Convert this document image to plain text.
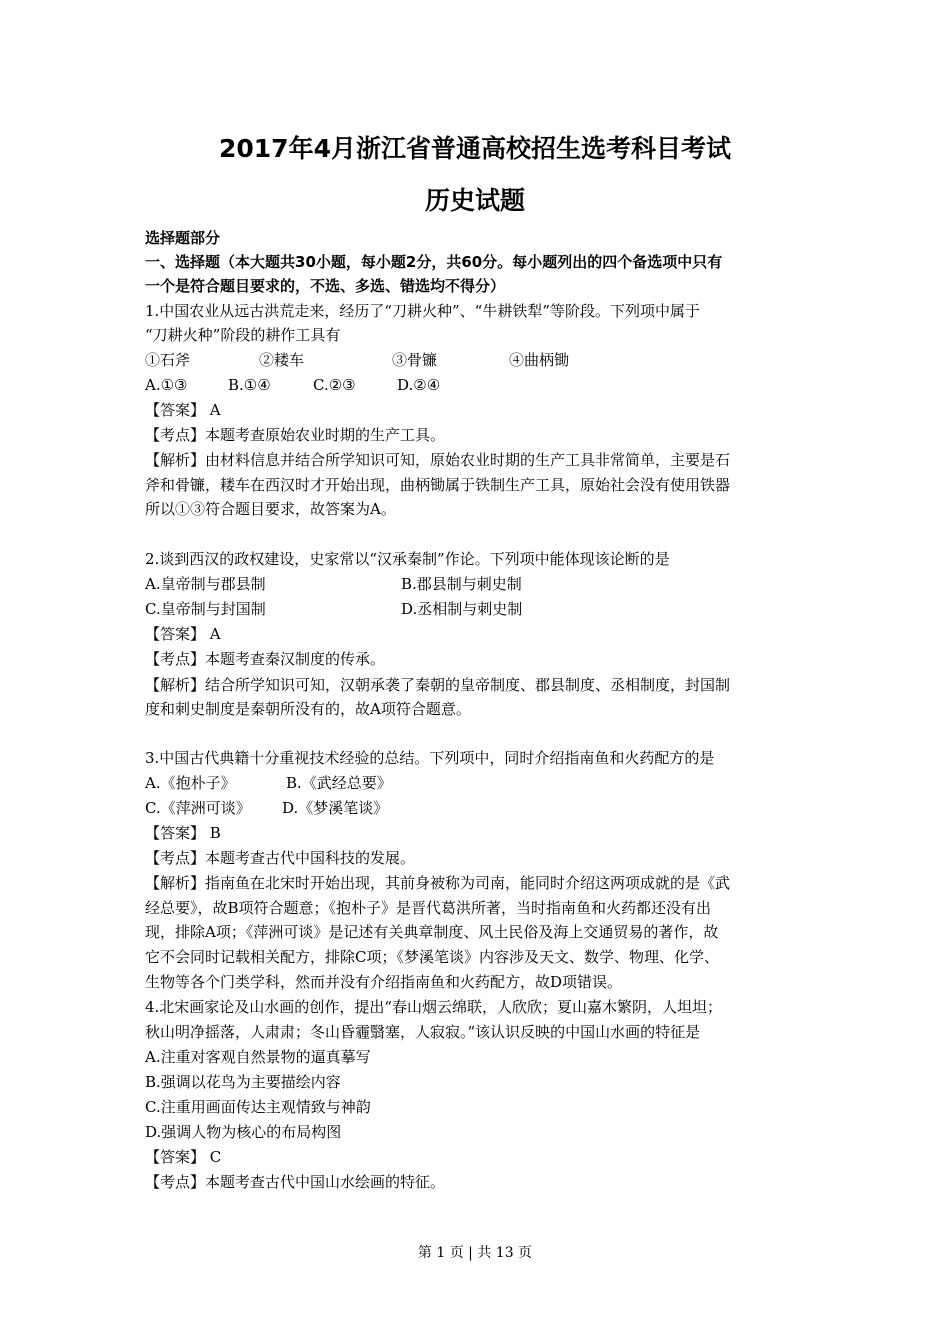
2017年4月浙江省普通高校招生选考科目考试
历史试题
选择题部分
一、选择题（本大题共30小题，每小题2分，共60分。每小题列出的四个备选项中只有
一个是符合题目要求的，不选、多选、错选均不得分）
1.中国农业从远古洪荒走来，经历了“刀耕火种”、“牛耕铁犁”等阶段。下列项中属于
“刀耕火种”阶段的耕作工具有
①石斧	②耧车	③骨镰	④曲柄锄
A.①③	B.①④	C.②③	D.②④
【答案】 A
【考点】本题考查原始农业时期的生产工具。
【解析】由材料信息并结合所学知识可知，原始农业时期的生产工具非常简单，主要是石
斧和骨镰，耧车在西汉时才开始出现，曲柄锄属于铁制生产工具，原始社会没有使用铁器
所以①③符合题目要求，故答案为A。
2.谈到西汉的政权建设，史家常以“汉承秦制”作论。下列项中能体现该论断的是
A.皇帝制与郡县制	B.郡县制与刺史制
C.皇帝制与封国制	D.丞相制与刺史制
【答案】 A
【考点】本题考查秦汉制度的传承。
【解析】结合所学知识可知，汉朝承袭了秦朝的皇帝制度、郡县制度、丞相制度，封国制
度和刺史制度是秦朝所没有的，故A项符合题意。
3.中国古代典籍十分重视技术经验的总结。下列项中，同时介绍指南鱼和火药配方的是
A.《抱朴子》	B.《武经总要》
C.《萍洲可谈》 D.《梦溪笔谈》
【答案】 B
【考点】本题考查古代中国科技的发展。
【解析】指南鱼在北宋时开始出现，其前身被称为司南，能同时介绍这两项成就的是《武
经总要》，故B项符合题意；《抱朴子》是晋代葛洪所著，当时指南鱼和火药都还没有出
现，排除A项；《萍洲可谈》是记述有关典章制度、风土民俗及海上交通贸易的著作，故
它不会同时记载相关配方，排除C项；《梦溪笔谈》内容涉及天文、数学、物理、化学、
生物等各个门类学科，然而并没有介绍指南鱼和火药配方，故D项错误。
4.北宋画家论及山水画的创作，提出“春山烟云绵联，人欣欣；夏山嘉木繁阴，人坦坦；
秋山明净摇落，人肃肃；冬山昏霾翳塞，人寂寂。”该认识反映的中国山水画的特征是
A.注重对客观自然景物的逼真摹写
B.强调以花鸟为主要描绘内容
C.注重用画面传达主观情致与神韵
D.强调人物为核心的布局构图
【答案】 C
【考点】本题考查古代中国山水绘画的特征。
第 1 页 | 共 13 页
